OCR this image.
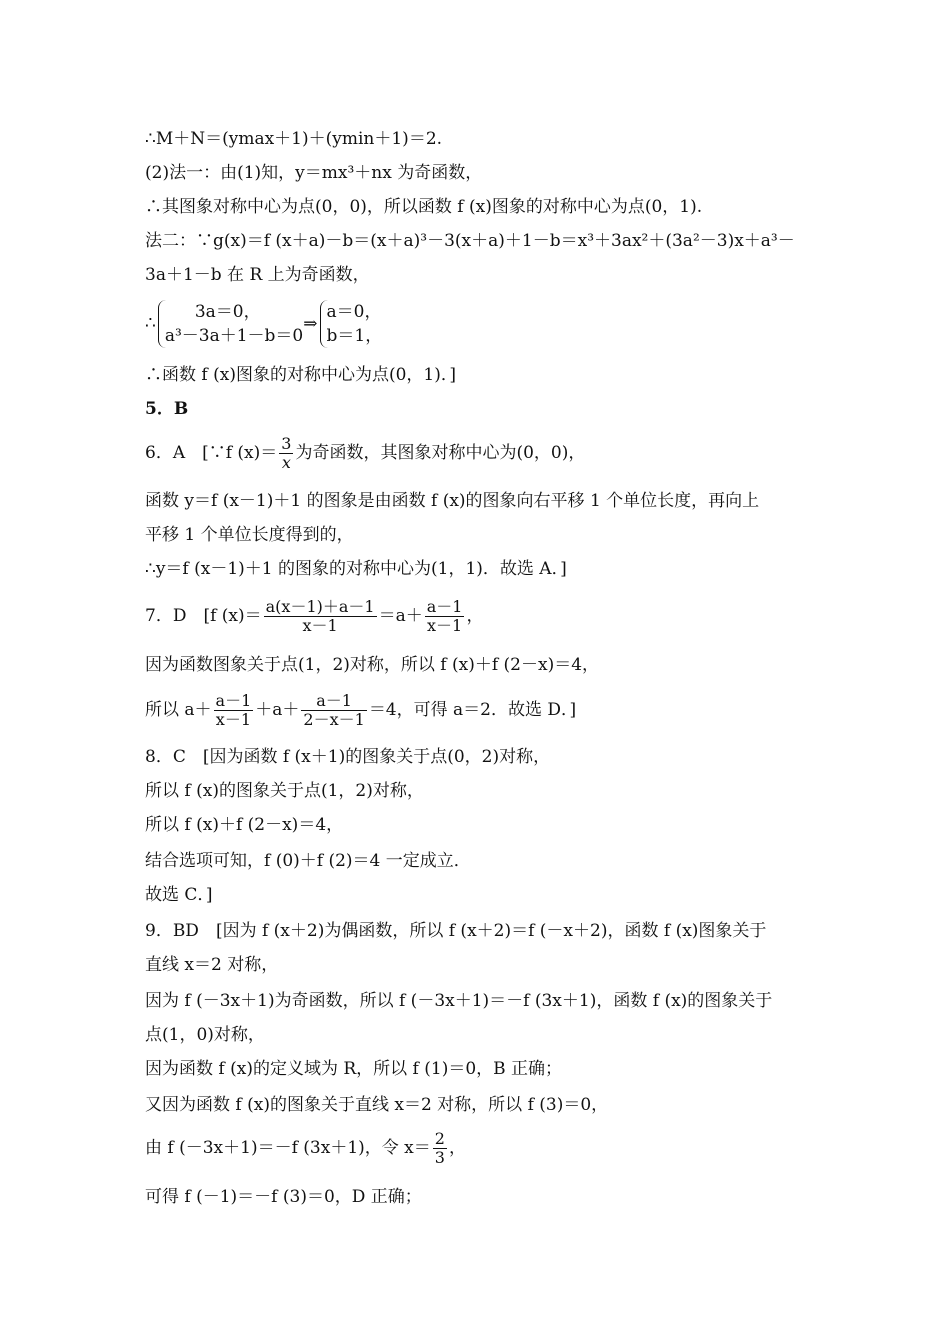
∴M＋N＝(ymax＋1)＋(ymin＋1)＝2.
(2)法一：由(1)知，y＝mx³＋nx 为奇函数，
∴其图象对称中心为点(0，0)，所以函数 f (x)图象的对称中心为点(0，1).
法二：∵g(x)＝f (x＋a)－b＝(x＋a)³－3(x＋a)＋1－b＝x³＋3ax²＋(3a²－3)x＋a³－
3a＋1－b 在 R 上为奇函数，
∴
3a＝0，
a³－3a＋1－b＝0
⇒
a＝0，
b＝1，
∴函数 f (x)图象的对称中心为点(0，1)．]
5．B
6．A　[∵f $(x)= \frac{3}{x}$ 为奇函数，其图象对称中心为(0，0)，
函数 y＝f (x－1)＋1 的图象是由函数 f (x)的图象向右平移 1 个单位长度，再向上
平移 1 个单位长度得到的，
∴y＝f (x－1)＋1 的图象的对称中心为(1，1)．故选 A．]
7．D　[f $(x)= \frac{a(x-1)+a-1}{x-1} =a+ \frac{a-1}{x-1}$ ，
因为函数图象关于点(1，2)对称，所以 f (x)＋f (2－x)＝4，
所以 $a+ \frac{a-1}{x-1} +a+ \frac{a-1}{2-x-1} =4$，可得 a＝2．故选 D．]
8．C　[因为函数 f (x＋1)的图象关于点(0，2)对称，
所以 f (x)的图象关于点(1，2)对称，
所以 f (x)＋f (2－x)＝4，
结合选项可知，f (0)＋f (2)＝4 一定成立．
故选 C．]
9．BD　[因为 f (x＋2)为偶函数，所以 f (x＋2)＝f (－x＋2)，函数 f (x)图象关于
直线 x＝2 对称，
因为 f (－3x＋1)为奇函数，所以 f (－3x＋1)＝－f (3x＋1)，函数 f (x)的图象关于
点(1，0)对称，
因为函数 f (x)的定义域为 R，所以 f (1)＝0，B 正确；
又因为函数 f (x)的图象关于直线 x＝2 对称，所以 f (3)＝0，
由 f (－3x＋1)＝－f (3x＋1)，令 $x= \frac{2}{3}$ ，
可得 f (－1)＝－f (3)＝0，D 正确；
